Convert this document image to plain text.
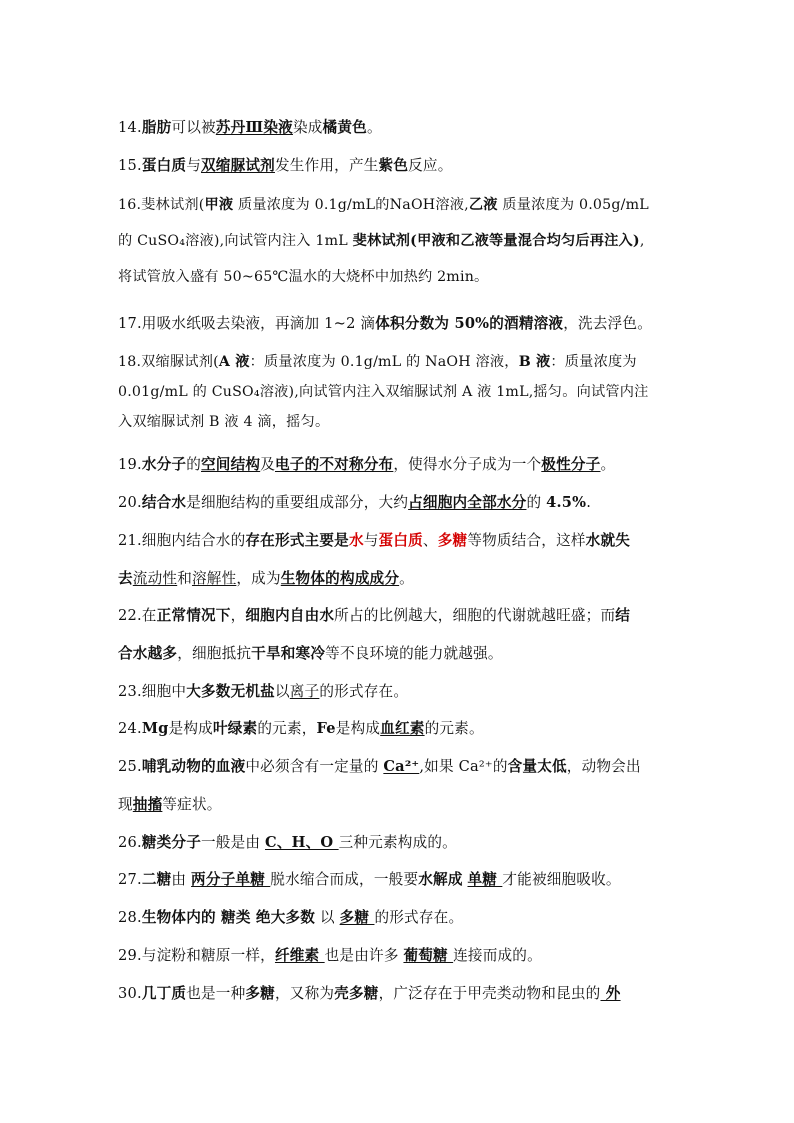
14.脂肪可以被苏丹Ⅲ染液染成橘黄色。
15.蛋白质与双缩脲试剂发生作用，产生紫色反应。
16.斐林试剂(甲液 质量浓度为 0.1g/mL的NaOH溶液,乙液 质量浓度为 0.05g/mL
的 CuSO₄溶液),向试管内注入 1mL 斐林试剂(甲液和乙液等量混合均匀后再注入),
将试管放入盛有 50~65℃温水的大烧杯中加热约 2min。
17.用吸水纸吸去染液，再滴加 1~2 滴体积分数为 50%的酒精溶液，洗去浮色。
18.双缩脲试剂(A 液：质量浓度为 0.1g/mL 的 NaOH 溶液，B 液：质量浓度为
0.01g/mL 的 CuSO₄溶液),向试管内注入双缩脲试剂 A 液 1mL,摇匀。向试管内注
入双缩脲试剂 B 液 4 滴，摇匀。
19.水分子的空间结构及电子的不对称分布，使得水分子成为一个极性分子。
20.结合水是细胞结构的重要组成部分，大约占细胞内全部水分的 4.5%.
21.细胞内结合水的存在形式主要是水与蛋白质、多糖等物质结合，这样水就失
去流动性和溶解性，成为生物体的构成成分。
22.在正常情况下，细胞内自由水所占的比例越大，细胞的代谢就越旺盛；而结
合水越多，细胞抵抗干旱和寒冷等不良环境的能力就越强。
23.细胞中大多数无机盐以离子的形式存在。
24.Mg是构成叶绿素的元素，Fe是构成血红素的元素。
25.哺乳动物的血液中必须含有一定量的 Ca²⁺,如果 Ca²⁺的含量太低，动物会出
现抽搐等症状。
26.糖类分子一般是由 C、H、O 三种元素构成的。
27.二糖由 两分子单糖 脱水缩合而成，一般要水解成 单糖 才能被细胞吸收。
28.生物体内的 糖类 绝大多数 以 多糖 的形式存在。
29.与淀粉和糖原一样，纤维素 也是由许多 葡萄糖 连接而成的。
30.几丁质也是一种多糖，又称为壳多糖，广泛存在于甲壳类动物和昆虫的 外
